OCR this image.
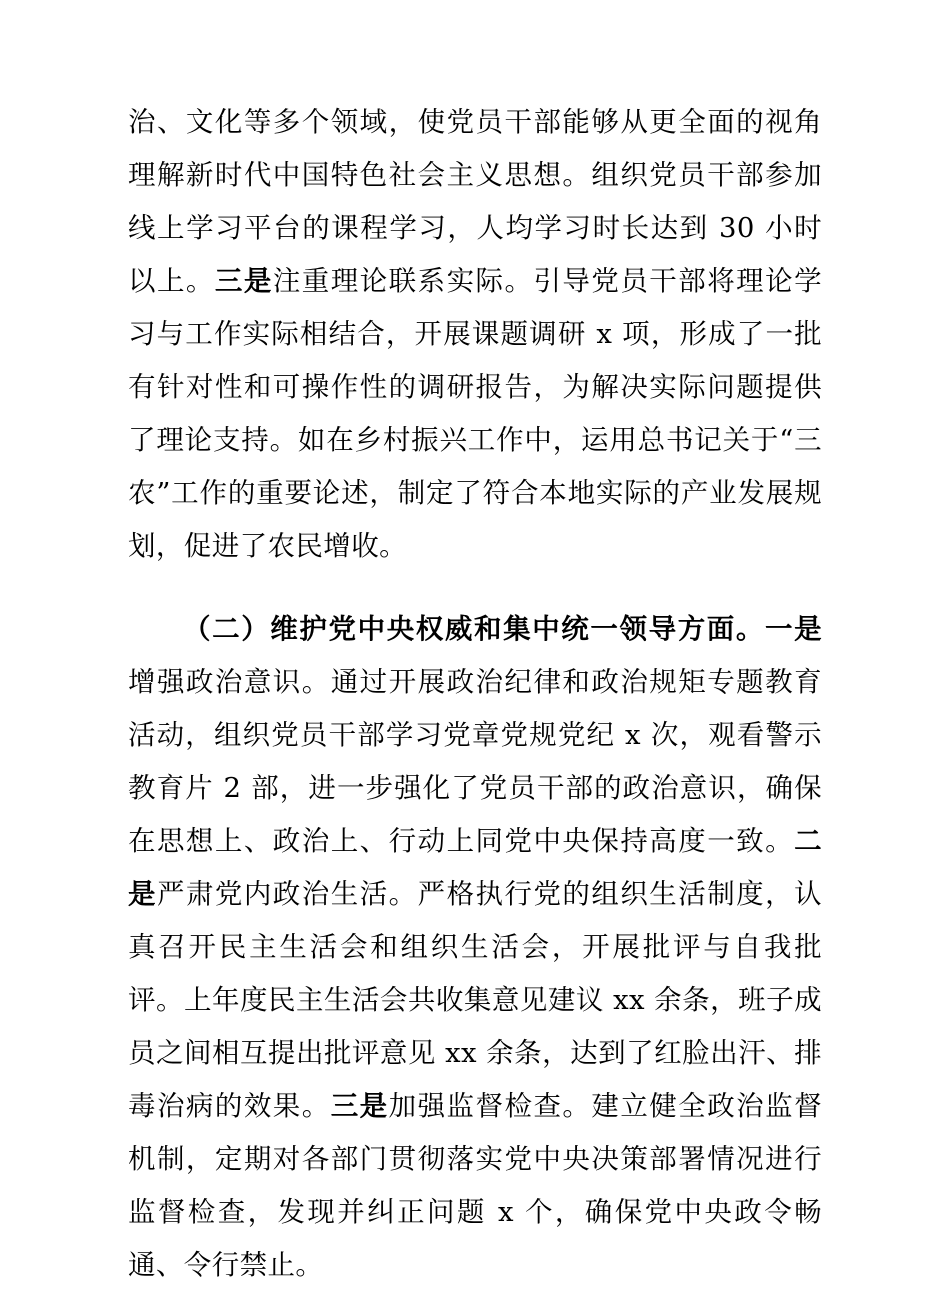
治、文化等多个领域，使党员干部能够从更全面的视角理解新时代中国特色社会主义思想。组织党员干部参加线上学习平台的课程学习，人均学习时长达到 30 小时以上。三是注重理论联系实际。引导党员干部将理论学习与工作实际相结合，开展课题调研 x 项，形成了一批有针对性和可操作性的调研报告，为解决实际问题提供了理论支持。如在乡村振兴工作中，运用总书记关于“三农”工作的重要论述，制定了符合本地实际的产业发展规划，促进了农民增收。

（二）维护党中央权威和集中统一领导方面。一是增强政治意识。通过开展政治纪律和政治规矩专题教育活动，组织党员干部学习党章党规党纪 x 次，观看警示教育片 2 部，进一步强化了党员干部的政治意识，确保在思想上、政治上、行动上同党中央保持高度一致。二是严肃党内政治生活。严格执行党的组织生活制度，认真召开民主生活会和组织生活会，开展批评与自我批评。上年度民主生活会共收集意见建议 xx 余条，班子成员之间相互提出批评意见 xx 余条，达到了红脸出汗、排毒治病的效果。三是加强监督检查。建立健全政治监督机制，定期对各部门贯彻落实党中央决策部署情况进行监督检查，发现并纠正问题 x 个，确保党中央政令畅通、令行禁止。
